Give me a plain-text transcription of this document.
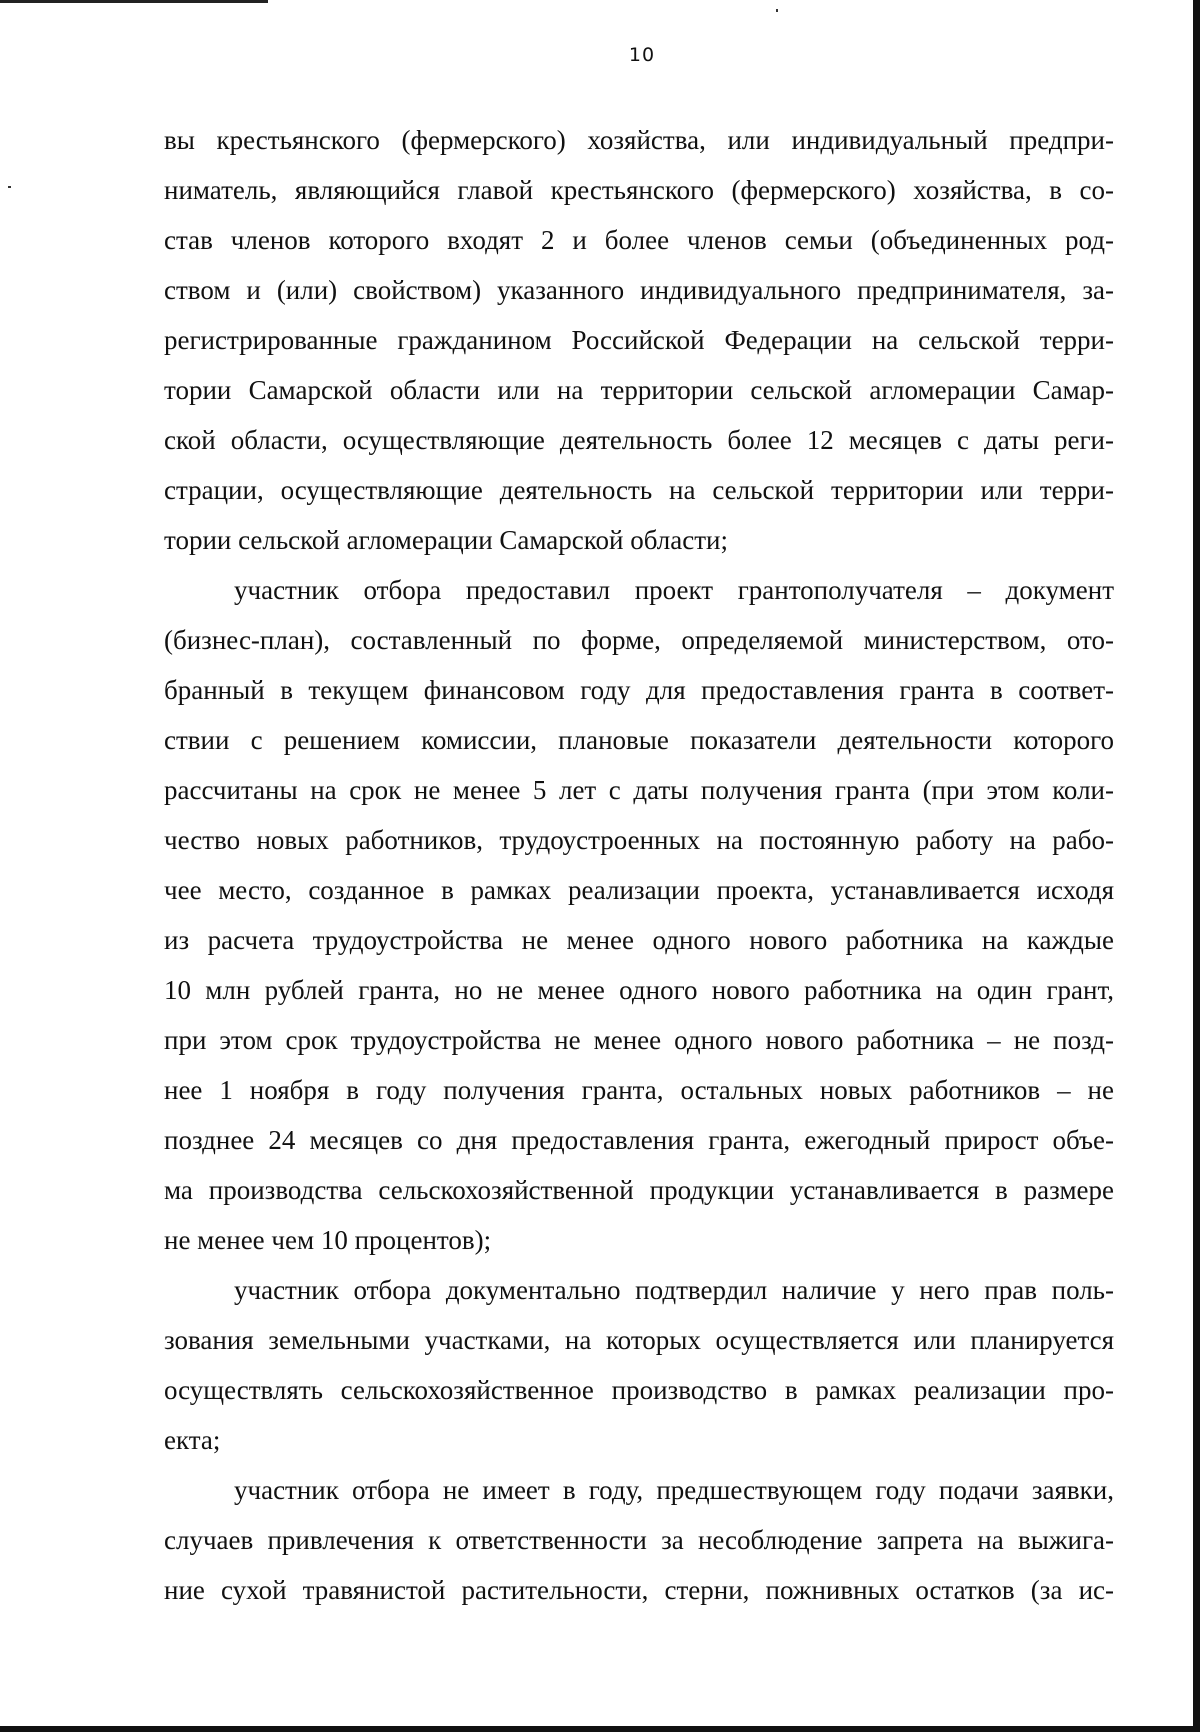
10
вы крестьянского (фермерского) хозяйства, или индивидуальный предпри-
ниматель, являющийся главой крестьянского (фермерского) хозяйства, в со-
став членов которого входят 2 и более членов семьи (объединенных род-
ством и (или) свойством) указанного индивидуального предпринимателя, за-
регистрированные гражданином Российской Федерации на сельской терри-
тории Самарской области или на территории сельской агломерации Самар-
ской области, осуществляющие деятельность более 12 месяцев с даты реги-
страции, осуществляющие деятельность на сельской территории или терри-
тории сельской агломерации Самарской области;
участник отбора предоставил проект грантополучателя – документ
(бизнес-план), составленный по форме, определяемой министерством, ото-
бранный в текущем финансовом году для предоставления гранта в соответ-
ствии с решением комиссии, плановые показатели деятельности которого
рассчитаны на срок не менее 5 лет с даты получения гранта (при этом коли-
чество новых работников, трудоустроенных на постоянную работу на рабо-
чее место, созданное в рамках реализации проекта, устанавливается исходя
из расчета трудоустройства не менее одного нового работника на каждые
10 млн рублей гранта, но не менее одного нового работника на один грант,
при этом срок трудоустройства не менее одного нового работника – не позд-
нее 1 ноября в году получения гранта, остальных новых работников – не
позднее 24 месяцев со дня предоставления гранта, ежегодный прирост объе-
ма производства сельскохозяйственной продукции устанавливается в размере
не менее чем 10 процентов);
участник отбора документально подтвердил наличие у него прав поль-
зования земельными участками, на которых осуществляется или планируется
осуществлять сельскохозяйственное производство в рамках реализации про-
екта;
участник отбора не имеет в году, предшествующем году подачи заявки,
случаев привлечения к ответственности за несоблюдение запрета на выжига-
ние сухой травянистой растительности, стерни, пожнивных остатков (за ис-
